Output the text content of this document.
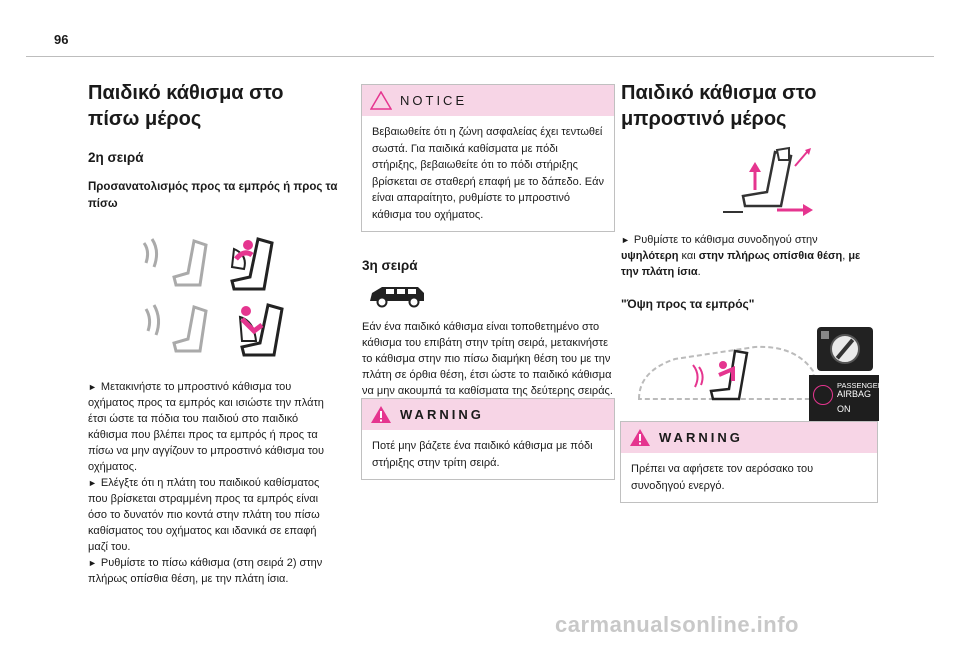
96
Παιδικό κάθισμα στο πίσω μέρος
2η σειρά
Προσανατολισμός προς τα εμπρός ή προς τα πίσω

► Μετακινήστε το μπροστινό κάθισμα του οχήματος προς τα εμπρός και ισιώστε την πλάτη έτσι ώστε τα πόδια του παιδιού στο παιδικό κάθισμα που βλέπει προς τα εμπρός ή προς τα πίσω να μην αγγίζουν το μπροστινό κάθισμα του οχήματος.

► Ελέγξτε ότι η πλάτη του παιδικού καθίσματος που βρίσκεται στραμμένη προς τα εμπρός είναι όσο το δυνατόν πιο κοντά στην πλάτη του πίσω καθίσματος του οχήματος και ιδανικά σε επαφή μαζί του.

► Ρυθμίστε το πίσω κάθισμα (στη σειρά 2) στην πλήρως οπίσθια θέση, με την πλάτη ίσια.

NOTICE
Βεβαιωθείτε ότι η ζώνη ασφαλείας έχει τεντωθεί σωστά. Για παιδικά καθίσματα με πόδι στήριξης, βεβαιωθείτε ότι το πόδι στήριξης βρίσκεται σε σταθερή επαφή με το δάπεδο. Εάν είναι απαραίτητο, ρυθμίστε το μπροστινό κάθισμα του οχήματος.
3η σειρά
Εάν ένα παιδικό κάθισμα είναι τοποθετημένο στο κάθισμα του επιβάτη στην τρίτη σειρά, μετακινήστε το κάθισμα στην πιο πίσω διαμήκη θέση του με την πλάτη σε όρθια θέση, έτσι ώστε το παιδικό κάθισμα να μην ακουμπά τα καθίσματα της δεύτερης σειράς.
WARNING
Ποτέ μην βάζετε ένα παιδικό κάθισμα με πόδι στήριξης στην τρίτη σειρά.
Παιδικό κάθισμα στο μπροστινό μέρος
► Ρυθμίστε το κάθισμα συνοδηγού στην υψηλότερη και στην πλήρως οπίσθια θέση, με την πλάτη ίσια.
"Όψη προς τα εμπρός"
PASSENGER
AIRBAG
ON
WARNING
Πρέπει να αφήσετε τον αερόσακο του συνοδηγού ενεργό.
carmanualsonline.info
